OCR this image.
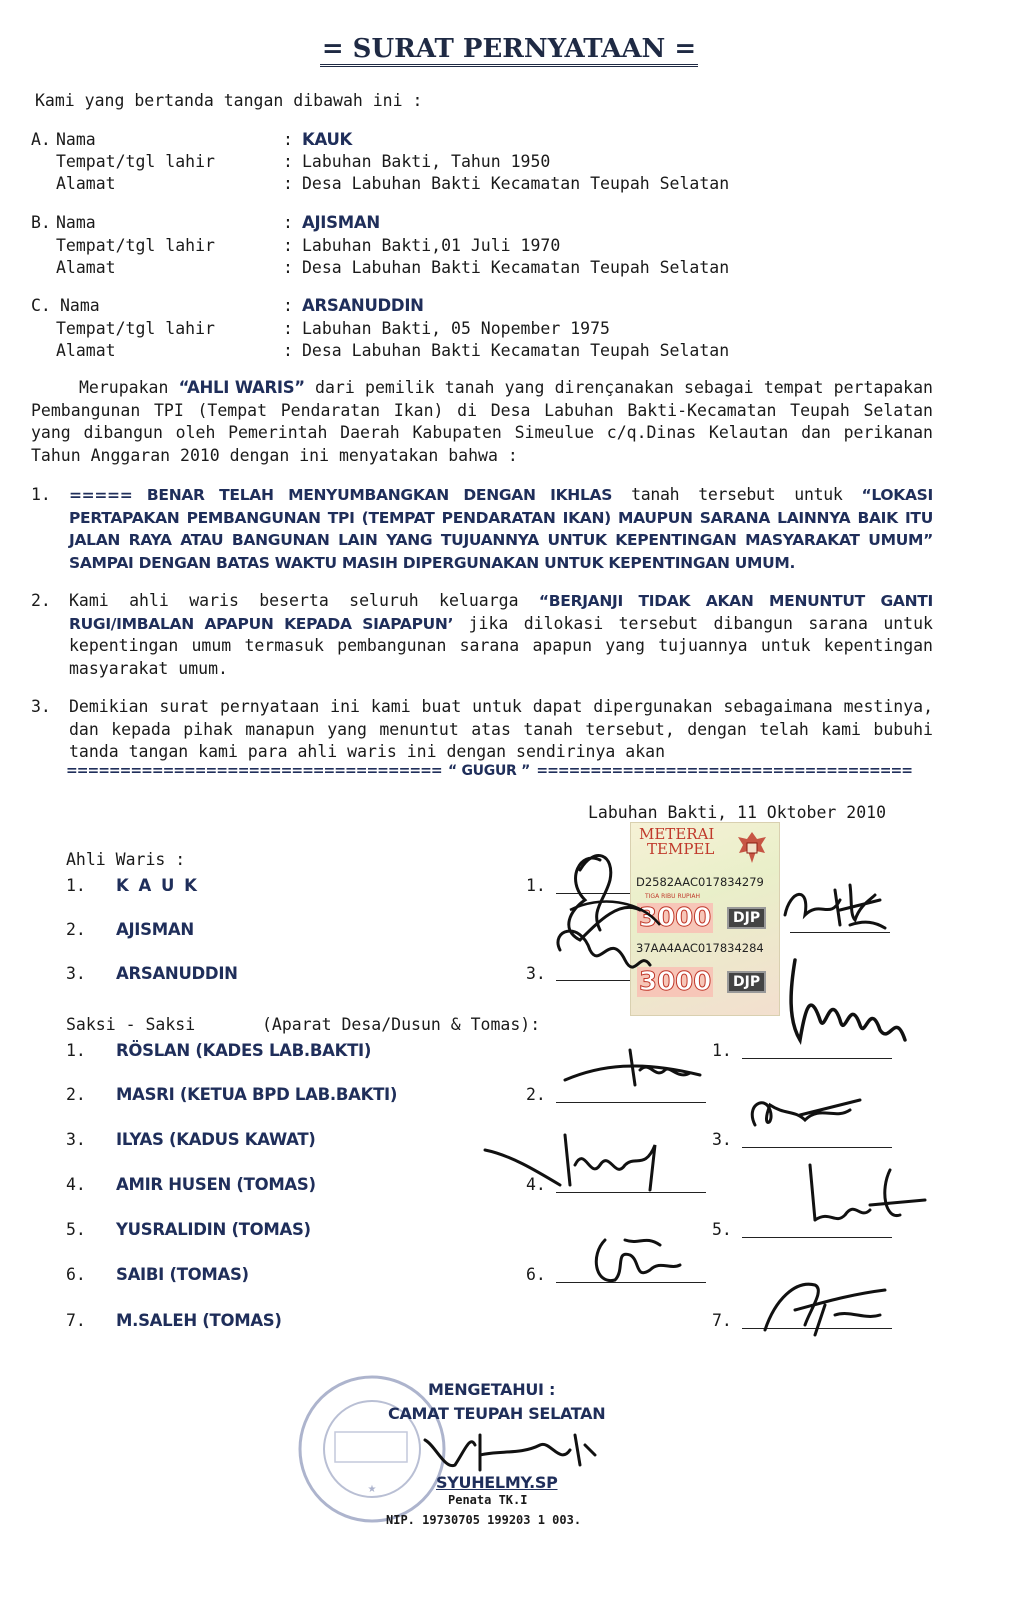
= SURAT PERNYATAAN =
Kami yang bertanda tangan dibawah ini :
A. Nama	: KAUK
Tempat/tgl lahir	: Labuhan Bakti, Tahun 1950
Alamat	: Desa Labuhan Bakti Kecamatan Teupah Selatan
B. Nama	: AJISMAN
Tempat/tgl lahir	: Labuhan Bakti,01 Juli 1970
Alamat	: Desa Labuhan Bakti Kecamatan Teupah Selatan
C. Nama	: ARSANUDDIN
Tempat/tgl lahir	: Labuhan Bakti, 05 Nopember 1975
Alamat	: Desa Labuhan Bakti Kecamatan Teupah Selatan
Merupakan “AHLI WARIS” dari pemilik tanah yang dirençanakan sebagai tempat pertapakan Pembangunan TPI (Tempat Pendaratan Ikan) di Desa Labuhan Bakti-Kecamatan Teupah Selatan yang dibangun oleh Pemerintah Daerah Kabupaten Simeulue c/q.Dinas Kelautan dan perikanan Tahun Anggaran 2010 dengan ini menyatakan bahwa :
1. ===== BENAR TELAH MENYUMBANGKAN DENGAN IKHLAS tanah tersebut untuk “LOKASI PERTAPAKAN PEMBANGUNAN TPI (TEMPAT PENDARATAN IKAN) MAUPUN SARANA LAINNYA BAIK ITU JALAN RAYA ATAU BANGUNAN LAIN YANG TUJUANNYA UNTUK KEPENTINGAN MASYARAKAT UMUM” SAMPAI DENGAN BATAS WAKTU MASIH DIPERGUNAKAN UNTUK KEPENTINGAN UMUM.
2. Kami ahli waris beserta seluruh keluarga “BERJANJI TIDAK AKAN MENUNTUT GANTI RUGI/IMBALAN APAPUN KEPADA SIAPAPUN’ jika dilokasi tersebut dibangun sarana untuk kepentingan umum termasuk pembangunan sarana apapun yang tujuannya untuk kepentingan masyarakat umum.
3. Demikian surat pernyataan ini kami buat untuk dapat dipergunakan sebagaimana mestinya, dan kepada pihak manapun yang menuntut atas tanah tersebut, dengan telah kami bubuhi tanda tangan kami para ahli waris ini dengan sendirinya akan
=================================== “ GUGUR ” ===================================
Labuhan Bakti, 11 Oktober 2010
Ahli Waris :
1. K A U K	1.
2. AJISMAN
3. ARSANUDDIN	3.
Saksi - Saksi	(Aparat Desa/Dusun & Tomas):
1. RÖSLAN (KADES LAB.BAKTI)	1.
2. MASRI (KETUA BPD LAB.BAKTI)	2.
3. ILYAS (KADUS KAWAT)	3.
4. AMIR HUSEN (TOMAS)	4.
5. YUSRALIDIN (TOMAS)	5.
6. SAIBI (TOMAS)	6.
7. M.SALEH (TOMAS)	7.
METERAI
TEMPEL
D2582AAC017834279
TIGA RIBU RUPIAH
3000	DJP
37AA4AAC017834284
3000	DJP
★
MENGETAHUI :
CAMAT TEUPAH SELATAN
SYUHELMY.SP
Penata TK.I
NIP. 19730705 199203 1 003.
